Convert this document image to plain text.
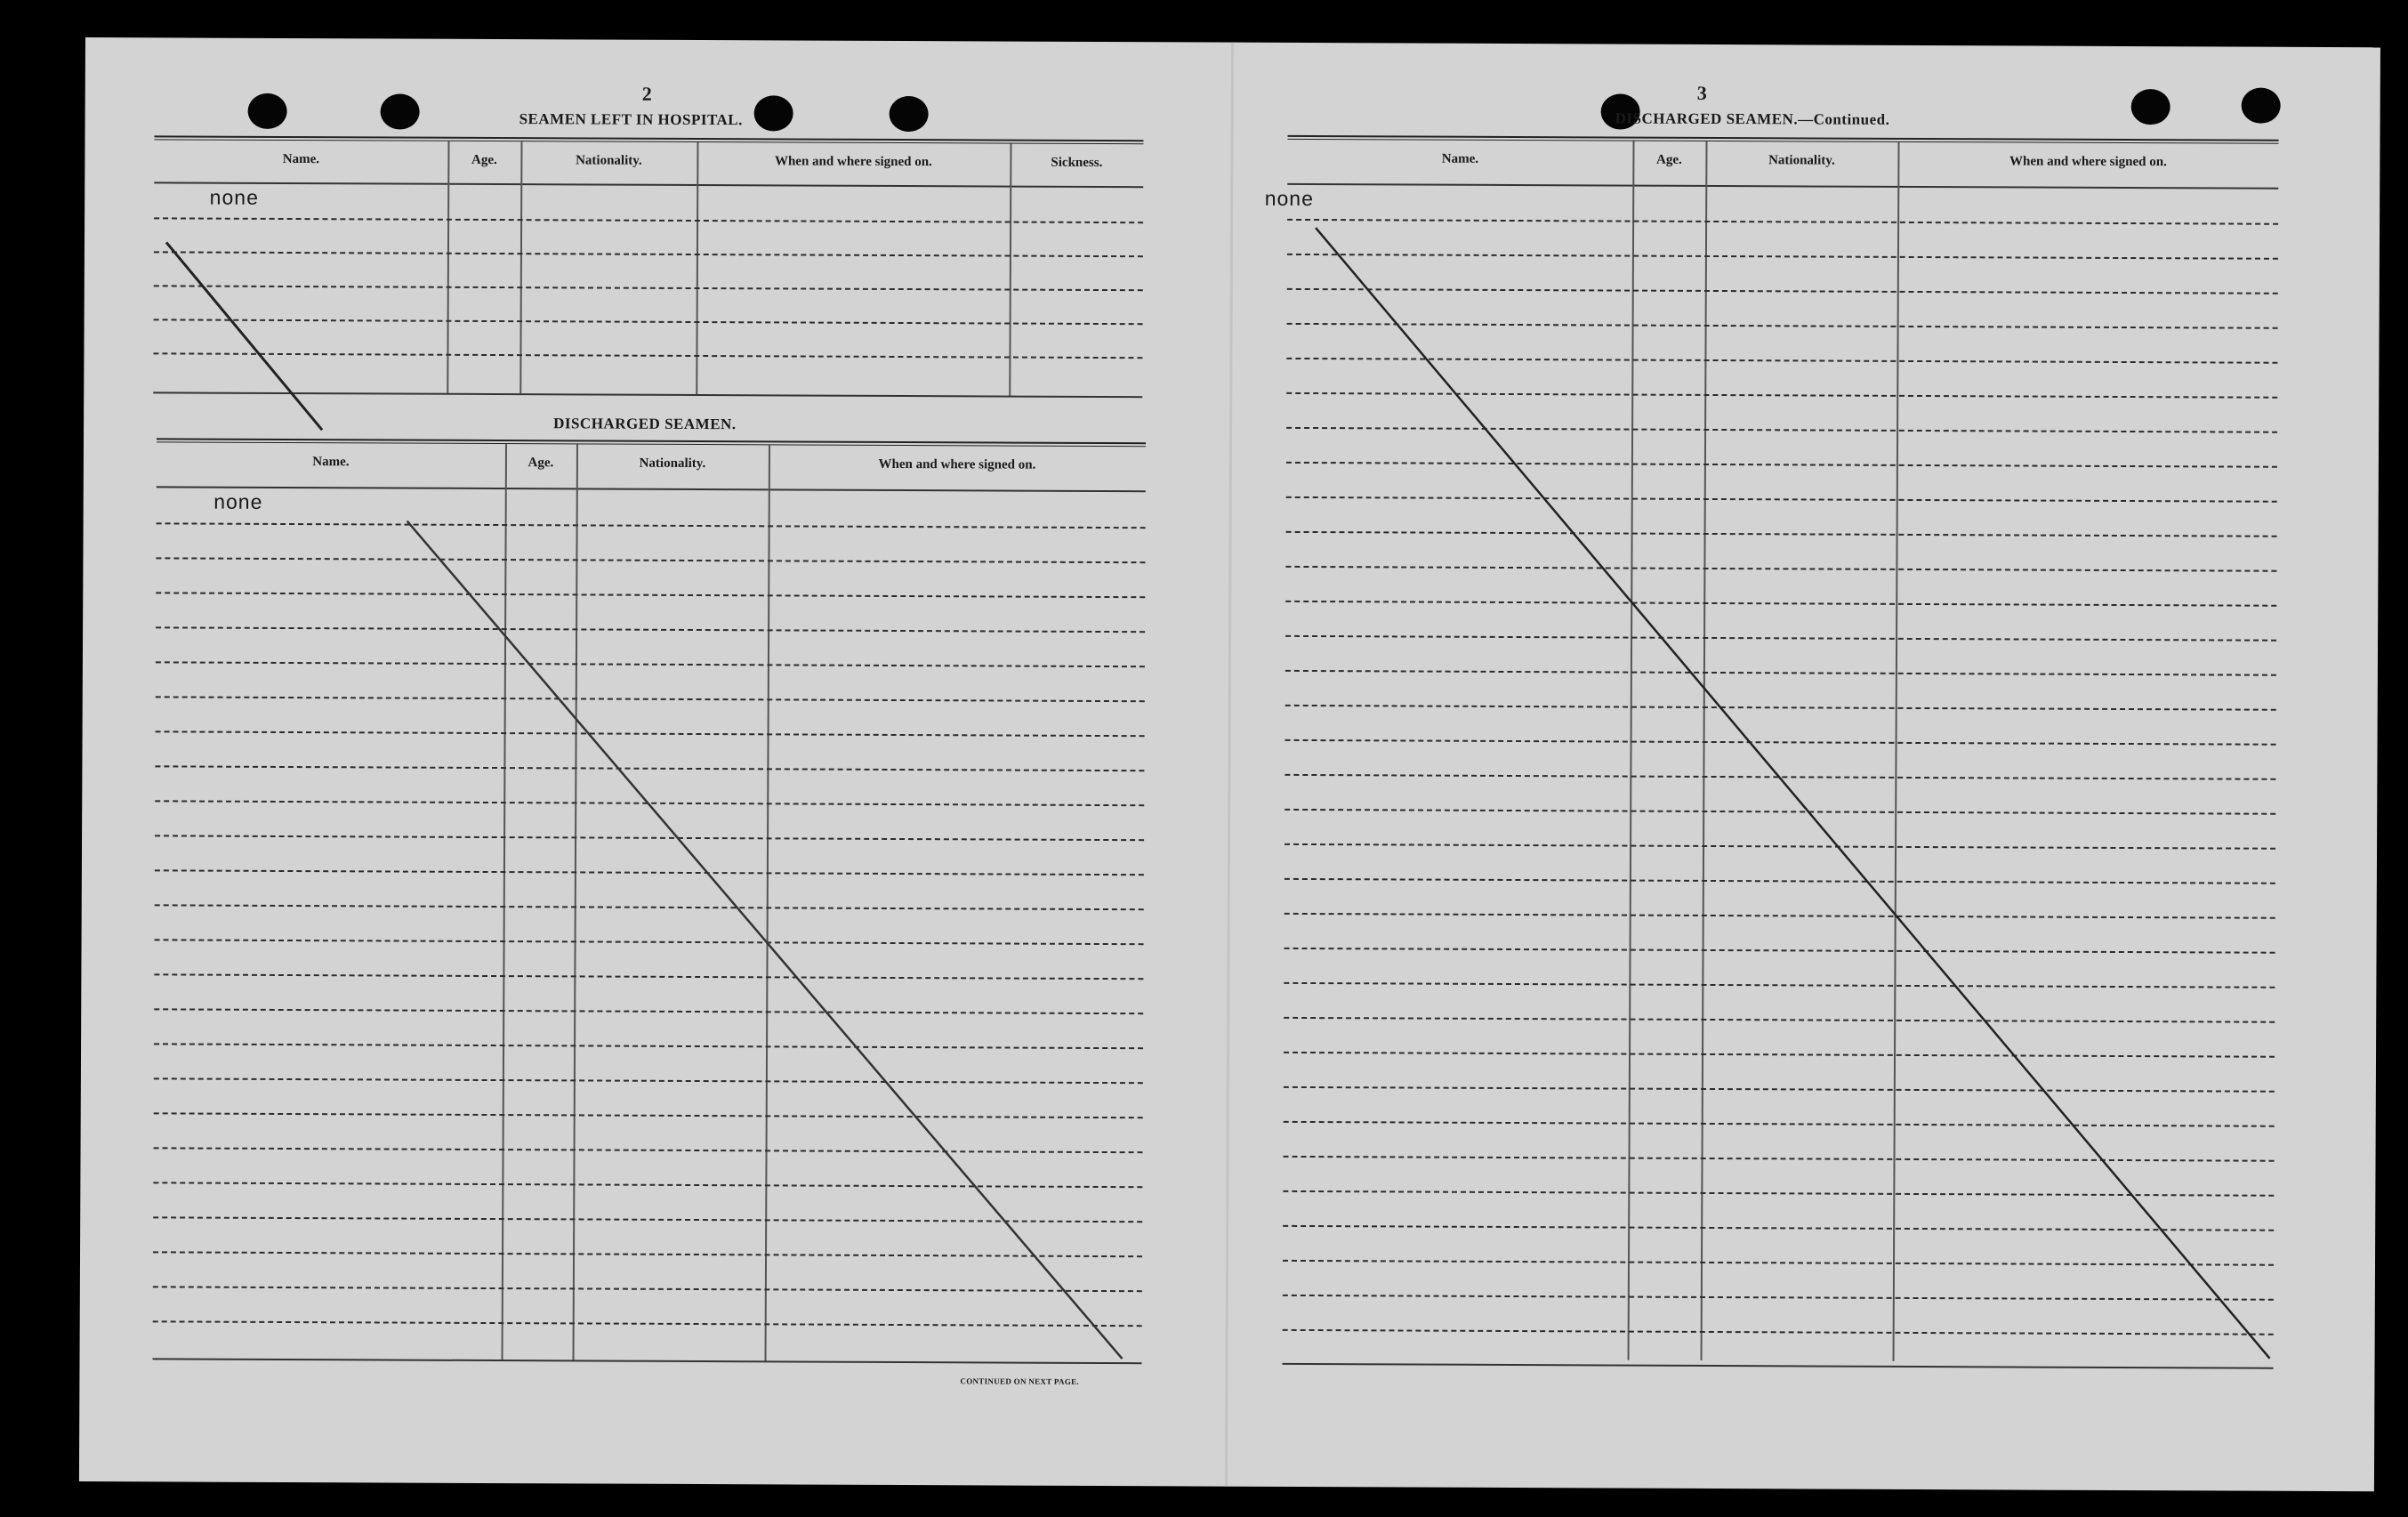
2
SEAMEN LEFT IN HOSPITAL.
Name.	Age.	Nationality.	When and where signed on.	Sickness.
none
DISCHARGED SEAMEN.
Name.	Age.	Nationality.	When and where signed on.
none
CONTINUED ON NEXT PAGE.
3
DISCHARGED SEAMEN.—Continued.
Name.	Age.	Nationality.	When and where signed on.
none
